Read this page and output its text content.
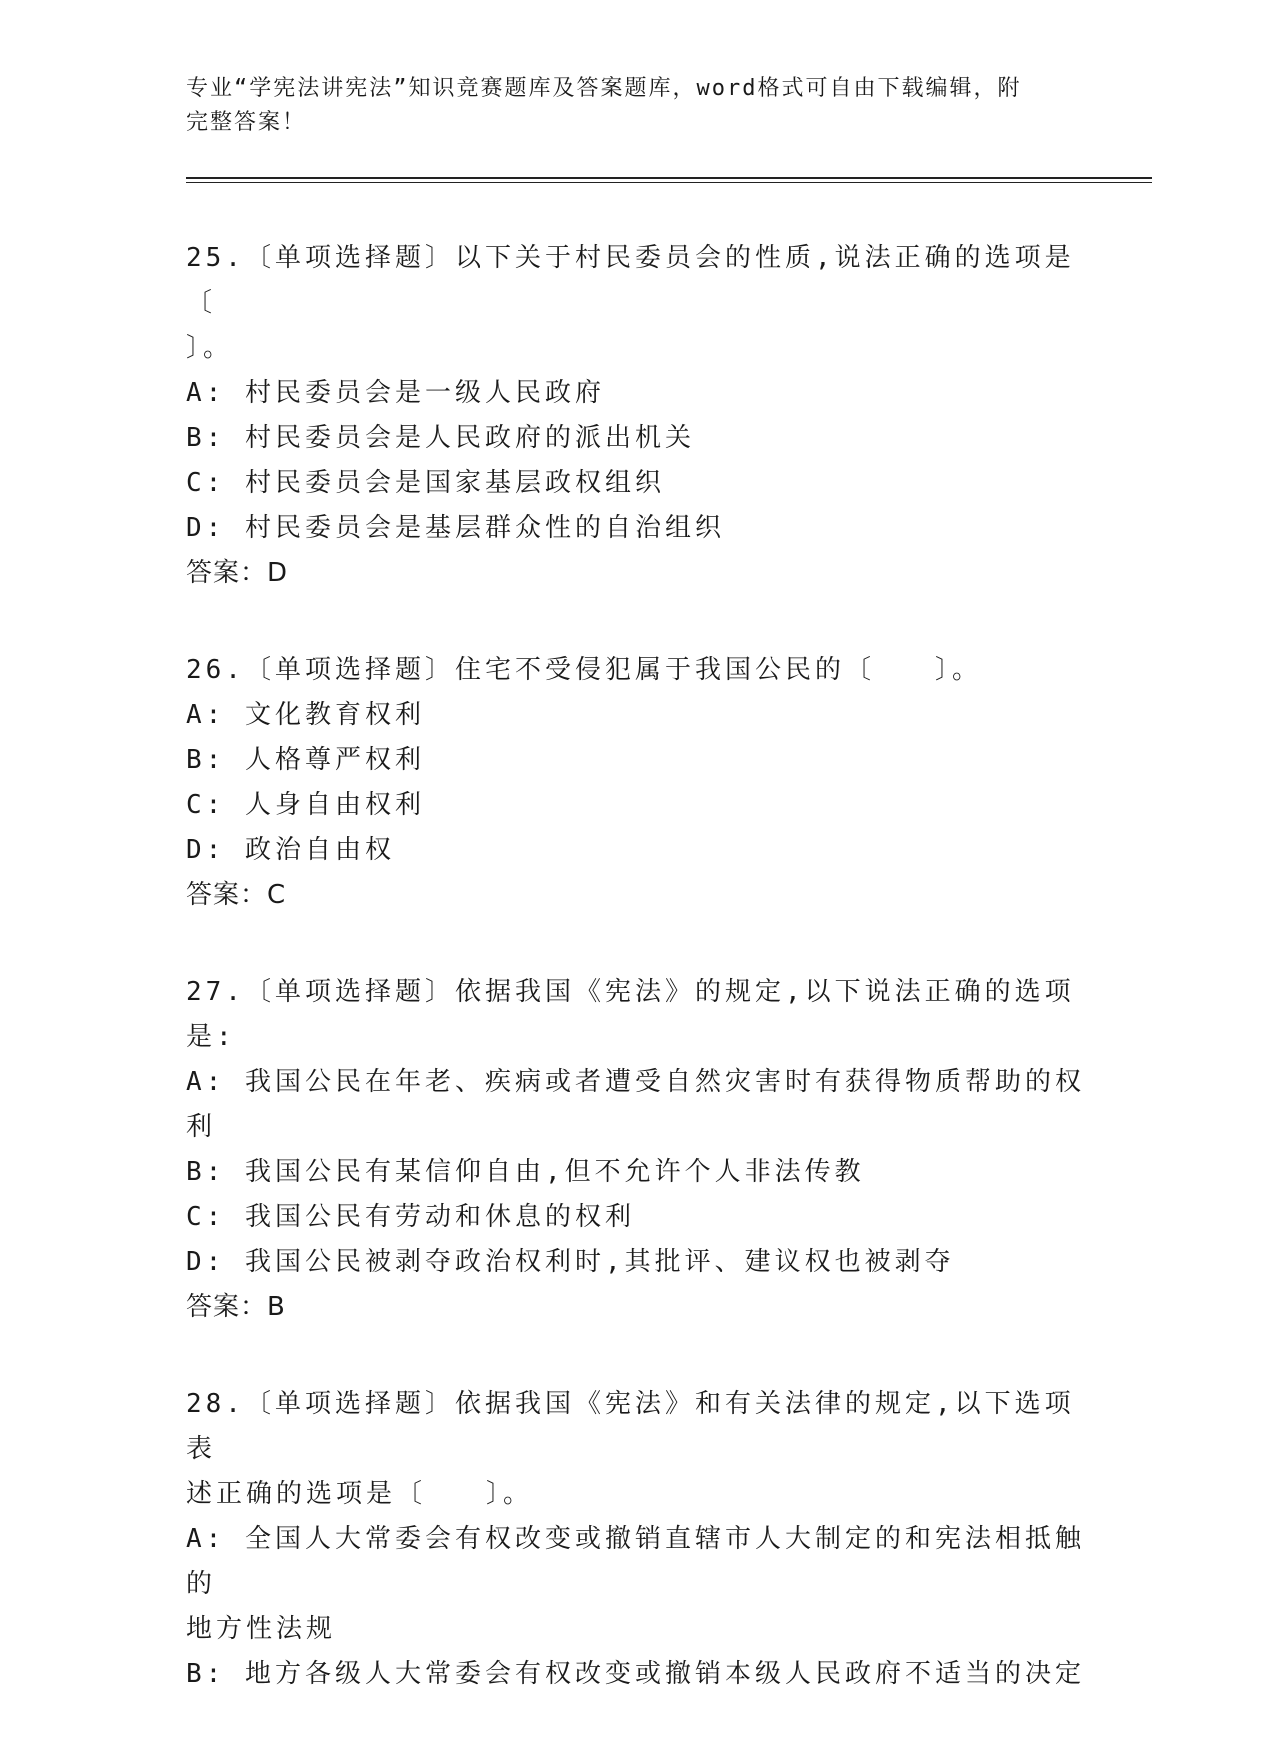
专业“学宪法讲宪法”知识竞赛题库及答案题库，word格式可自由下载编辑，附
完整答案！

25.〔单项选择题〕以下关于村民委员会的性质,说法正确的选项是〔

〕。

A: 村民委员会是一级人民政府

B: 村民委员会是人民政府的派出机关

C: 村民委员会是国家基层政权组织

D: 村民委员会是基层群众性的自治组织

答案：D

26.〔单项选择题〕住宅不受侵犯属于我国公民的〔　　〕。

A: 文化教育权利

B: 人格尊严权利

C: 人身自由权利

D: 政治自由权

答案：C

27.〔单项选择题〕依据我国《宪法》的规定,以下说法正确的选项是:

A: 我国公民在年老、疾病或者遭受自然灾害时有获得物质帮助的权利

B: 我国公民有某信仰自由,但不允许个人非法传教

C: 我国公民有劳动和休息的权利

D: 我国公民被剥夺政治权利时,其批评、建议权也被剥夺

答案：B

28.〔单项选择题〕依据我国《宪法》和有关法律的规定,以下选项表

述正确的选项是〔　　〕。

A: 全国人大常委会有权改变或撤销直辖市人大制定的和宪法相抵触的

地方性法规

B: 地方各级人大常委会有权改变或撤销本级人民政府不适当的决定
